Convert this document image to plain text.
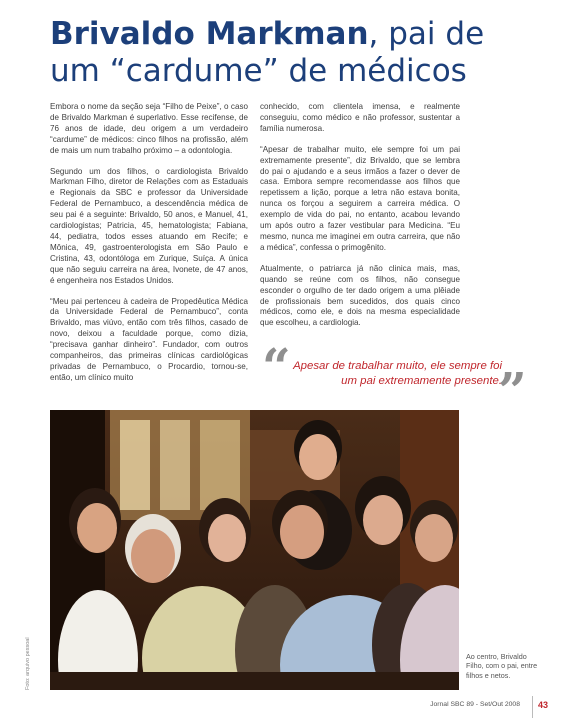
Brivaldo Markman, pai de um “cardume” de médicos

Embora o nome da seção seja “Filho de Peixe”, o caso de Brivaldo Markman é superlativo. Esse recifense, de 76 anos de idade, deu origem a um verdadeiro “cardume” de médicos: cinco filhos na profissão, além de mais um num trabalho próximo – a odontologia.

Segundo um dos filhos, o cardiologista Brivaldo Markman Filho, diretor de Relações com as Estaduais e Regionais da SBC e professor da Universidade Federal de Pernambuco, a descendência médica de seu pai é a seguinte: Brivaldo, 50 anos, e Manuel, 41, cardiologistas; Patricia, 45, hematologista; Fabiana, 44, pediatra, todos esses atuando em Recife; e Mônica, 49, gastroenterologista em São Paulo e Cristina, 43, odontóloga em Zurique, Suíça. A única que não seguiu carreira na área, Ivonete, de 47 anos, é engenheira nos Estados Unidos.

“Meu pai pertenceu à cadeira de Propedêutica Médica da Universidade Federal de Pernambuco”, conta Brivaldo, mas viúvo, então com três filhos, casado de novo, deixou a faculdade porque, como dizia, “precisava ganhar dinheiro”. Fundador, com outros companheiros, das primeiras clínicas cardiológicas privadas de Pernambuco, o Procardio, tornou-se, então, um clínico muito

conhecido, com clientela imensa, e realmente conseguiu, como médico e não professor, sustentar a família numerosa.

“Apesar de trabalhar muito, ele sempre foi um pai extremamente presente”, diz Brivaldo, que se lembra do pai o ajudando e a seus irmãos a fazer o dever de casa. Embora sempre recomendasse aos filhos que repetissem a lição, porque a letra não estava bonita, nunca os forçou a seguirem a carreira médica. O exemplo de vida do pai, no entanto, acabou levando um após outro a fazer vestibular para Medicina. “Eu mesmo, nunca me imaginei em outra carreira, que não a médica”, confessa o primogênito.

Atualmente, o patriarca já não clinica mais, mas, quando se reúne com os filhos, não consegue esconder o orgulho de ter dado origem a uma plêiade de profissionais bem sucedidos, dos quais cinco médicos, como ele, e dois na mesma especialidade que escolheu, a cardiologia.

“ Apesar de trabalhar muito, ele sempre foi um pai extremamente presente.
”
Foto: arquivo pessoal	Ao centro, Brivaldo Filho, com o pai, entre filhos e netos.
Jornal SBC 89 - Set/Out 2008 43
